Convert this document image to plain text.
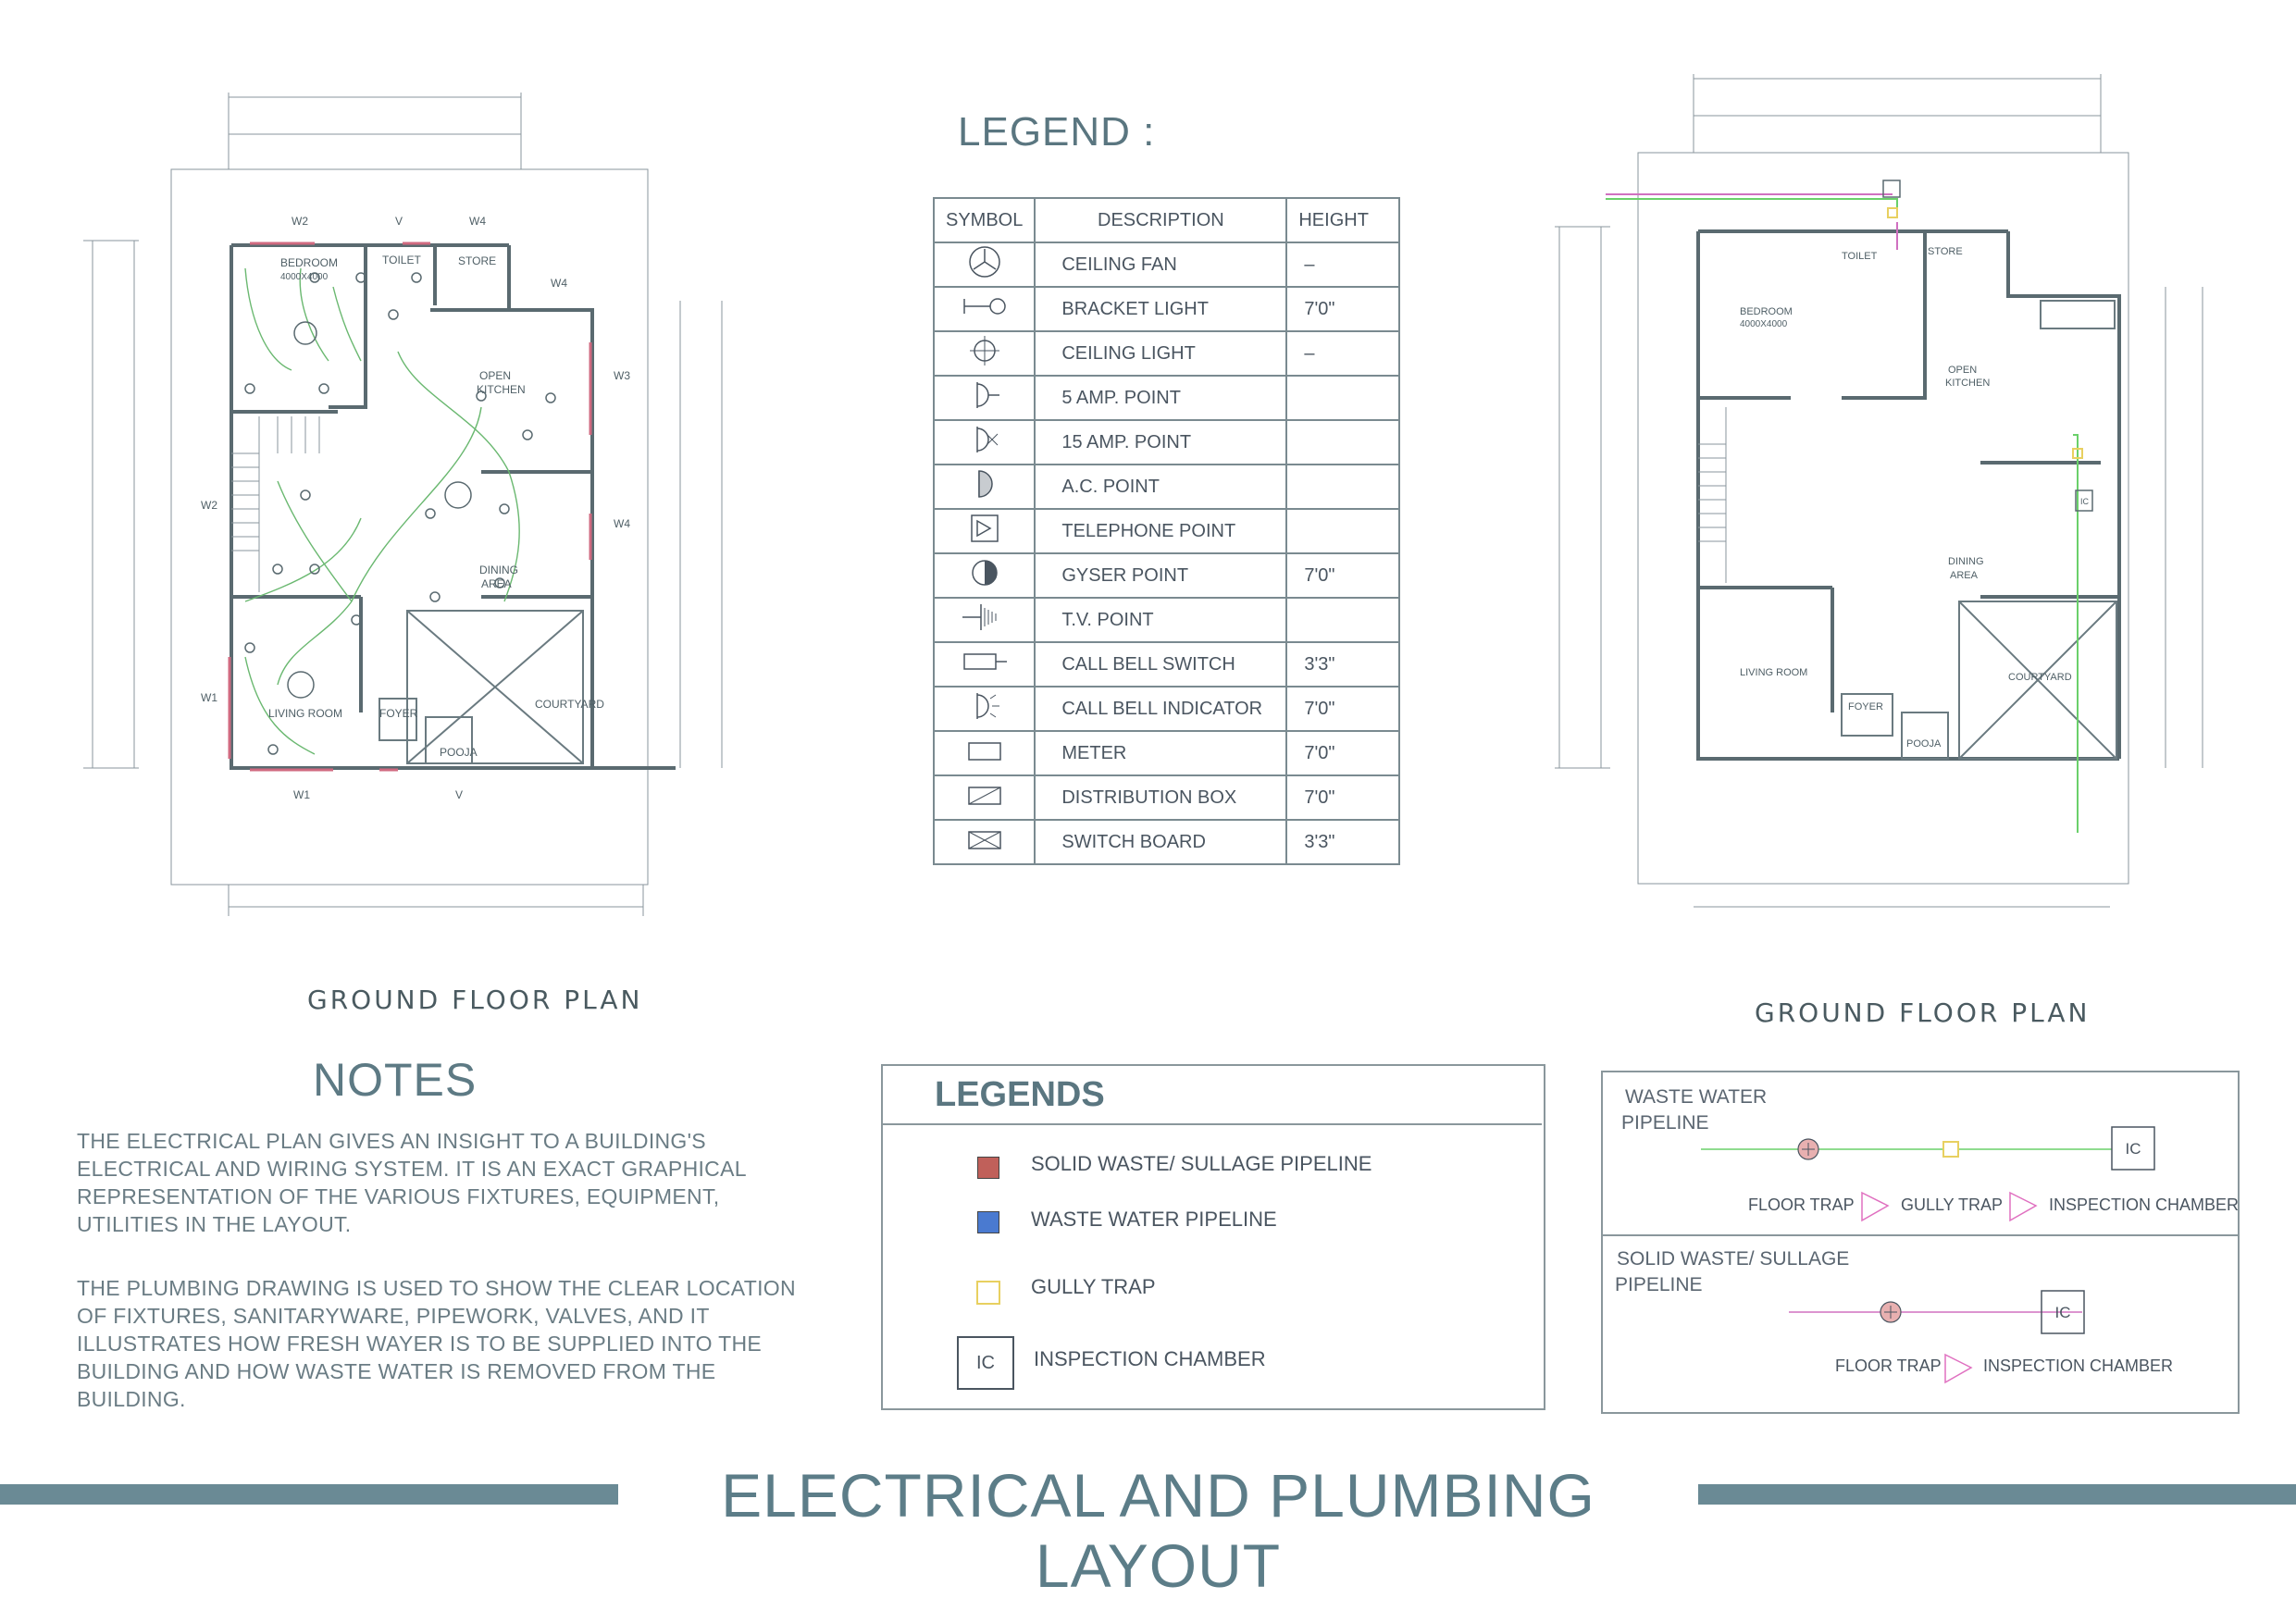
BEDROOM
4000X4000
TOILET	STORE
OPEN
KITCHEN
DINING
AREA
LIVING ROOM	FOYER
POOJA
COURTYARD
W2	V	W4
W4
W3
W4
W2
W1
W1	V
GROUND FLOOR PLAN
LEGEND :
SYMBOL	DESCRIPTION	HEIGHT
	CEILING FAN	–
	BRACKET LIGHT	7'0"
	CEILING LIGHT	–
	5 AMP. POINT	
	15 AMP. POINT	
	A.C. POINT	
	TELEPHONE POINT	
	GYSER POINT	7'0"
	T.V. POINT	
	CALL BELL SWITCH	3'3"
	CALL BELL INDICATOR	7'0"
	METER	7'0"
	DISTRIBUTION BOX	7'0"
	SWITCH BOARD	3'3"
BEDROOM
4000X4000
TOILET	STORE
OPEN
KITCHEN
DINING
AREA
LIVING ROOM
FOYER
POOJA
COURTYARD
IC
GROUND FLOOR PLAN
NOTES
THE ELECTRICAL PLAN GIVES AN INSIGHT TO A BUILDING'S ELECTRICAL AND WIRING SYSTEM. IT IS AN EXACT GRAPHICAL REPRESENTATION OF THE VARIOUS FIXTURES, EQUIPMENT, UTILITIES IN THE LAYOUT.
THE PLUMBING DRAWING IS USED TO SHOW THE CLEAR LOCATION OF FIXTURES, SANITARYWARE, PIPEWORK, VALVES, AND IT ILLUSTRATES HOW FRESH WAYER IS TO BE SUPPLIED INTO THE BUILDING AND HOW WASTE WATER IS REMOVED FROM THE BUILDING.
LEGENDS
SOLID WASTE/ SULLAGE PIPELINE
WASTE WATER PIPELINE
GULLY TRAP
IC	INSPECTION CHAMBER
WASTE WATER
PIPELINE
IC
FLOOR TRAP	GULLY TRAP	INSPECTION CHAMBER
SOLID WASTE/ SULLAGE
PIPELINE
IC
FLOOR TRAP	INSPECTION CHAMBER
ELECTRICAL AND PLUMBING LAYOUT
